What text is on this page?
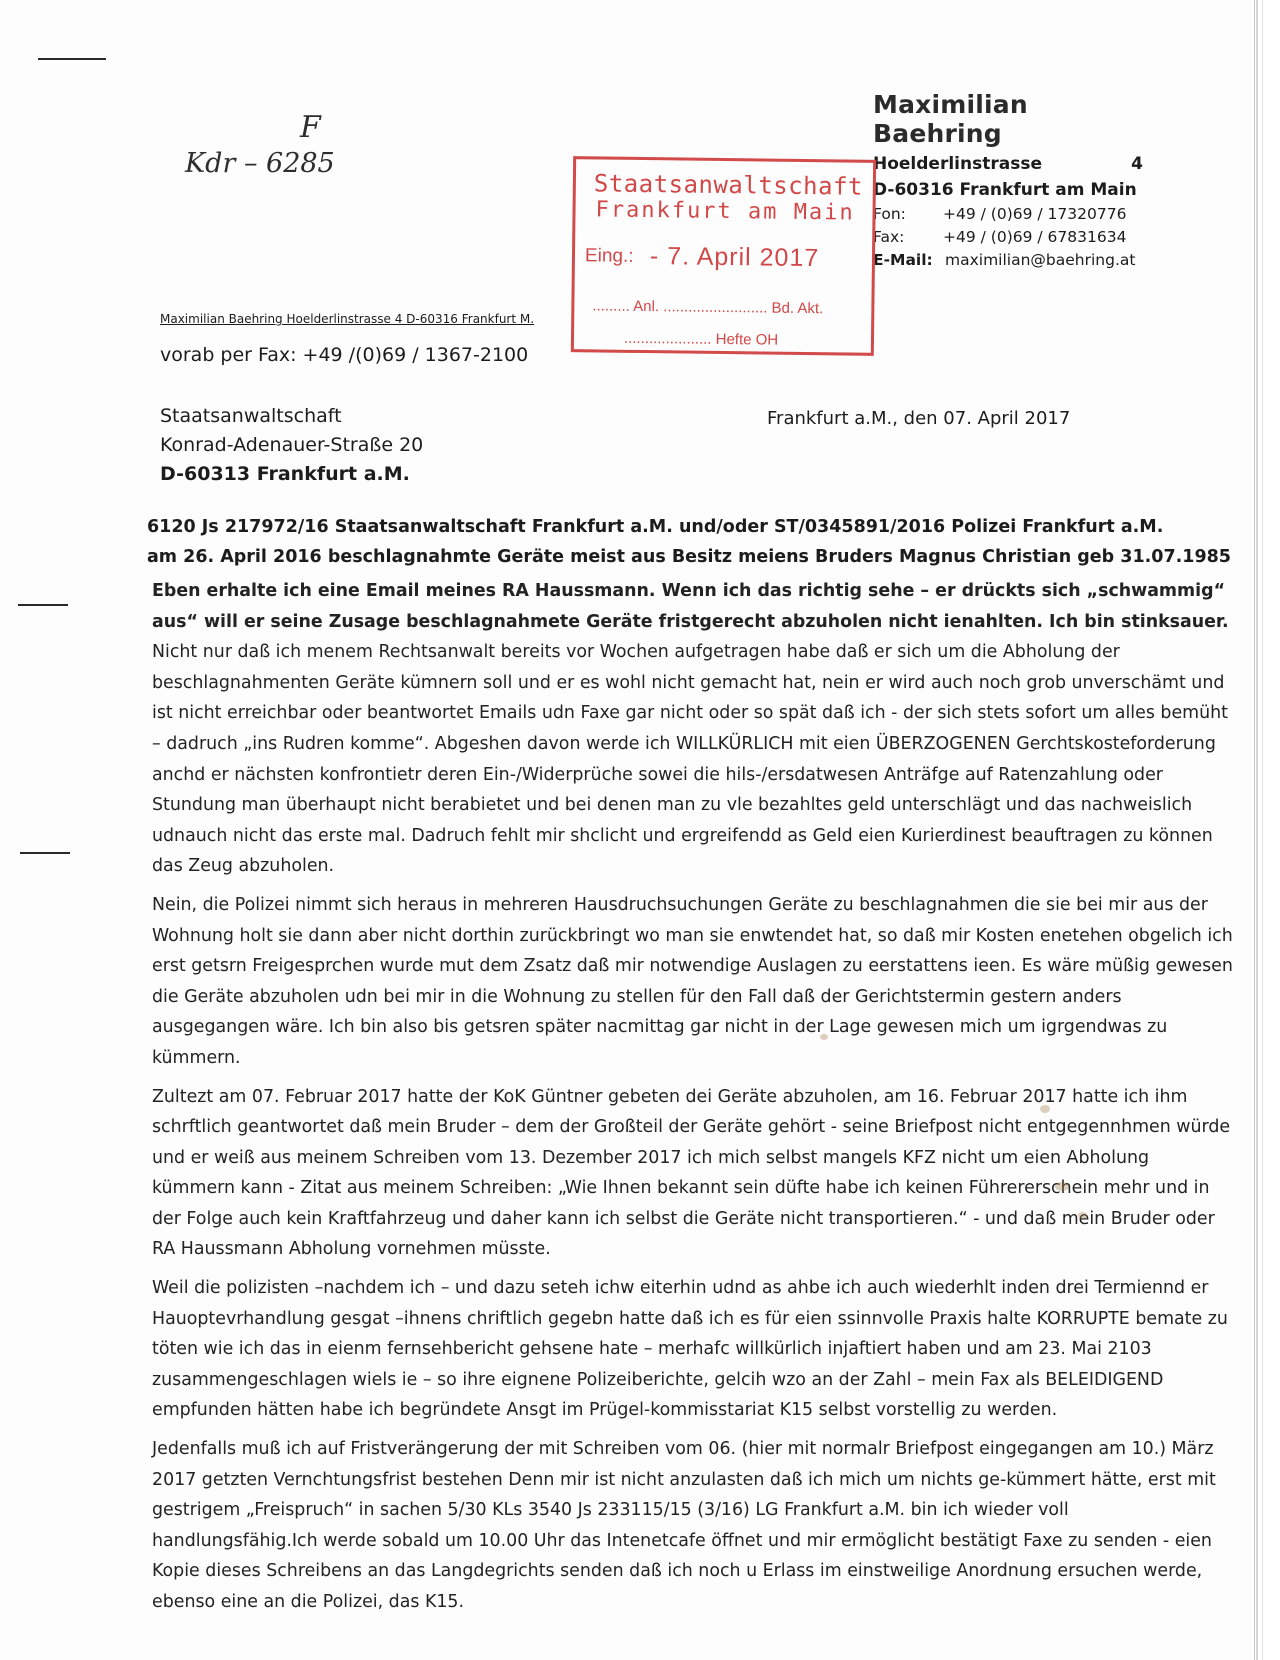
F
Kdr – 6285
Maximilian Baehring
Hoelderlinstrasse	4
D-60316 Frankfurt am Main
Fon:	+49 / (0)69 / 17320776
Fax:	+49 / (0)69 / 67831634
E-Mail: maximilian@baehring.at
Staatsanwaltschaft
Frankfurt am Main
Eing.: - 7. April 2017
......... Anl. ......................... Bd. Akt.
..................... Hefte OH
Maximilian Baehring Hoelderlinstrasse 4 D-60316 Frankfurt M.
vorab per Fax: +49 /(0)69 / 1367-2100
Staatsanwaltschaft
Konrad-Adenauer-Straße 20
D-60313 Frankfurt a.M.
Frankfurt a.M., den 07. April 2017
6120 Js 217972/16 Staatsanwaltschaft Frankfurt a.M. und/oder ST/0345891/2016 Polizei Frankfurt a.M.
am 26. April 2016 beschlagnahmte Geräte meist aus Besitz meiens Bruders Magnus Christian geb 31.07.1985

Eben erhalte ich eine Email meines RA Haussmann. Wenn ich das richtig sehe – er drückts sich „schwammig“ aus“ will er seine Zusage beschlagnahmete Geräte fristgerecht abzuholen nicht ienahlten. Ich bin stinksauer.

Nicht nur daß ich menem Rechtsanwalt bereits vor Wochen aufgetragen habe daß er sich um die Abholung der beschlagnahmenten Geräte kümnern soll und er es wohl nicht gemacht hat, nein er wird auch noch grob unverschämt und ist nicht erreichbar oder beantwortet Emails udn Faxe gar nicht oder so spät daß ich - der sich stets sofort um alles bemüht – dadruch „ins Rudren komme“. Abgeshen davon werde ich WILLKÜRLICH mit eien ÜBERZOGENEN Gerchtskosteforderung anchd er nächsten konfrontietr deren Ein-/Widerprüche sowei die hils-/ersdatwesen Anträfge auf Ratenzahlung oder Stundung man überhaupt nicht berabietet und bei denen man zu vle bezahltes geld unterschlägt und das nachweislich udnauch nicht das erste mal. Dadruch fehlt mir shclicht und ergreifendd as Geld eien Kurierdinest beauftragen zu können das Zeug abzuholen.

Nein, die Polizei nimmt sich heraus in mehreren Hausdruchsuchungen Geräte zu beschlagnahmen die sie bei mir aus der Wohnung holt sie dann aber nicht dorthin zurückbringt wo man sie enwtendet hat, so daß mir Kosten enetehen obgelich ich erst getsrn Freigesprchen wurde mut dem Zsatz daß mir notwendige Auslagen zu eerstattens ieen. Es wäre müßig gewesen die Geräte abzuholen udn bei mir in die Wohnung zu stellen für den Fall daß der Gerichtstermin gestern anders ausgegangen wäre. Ich bin also bis getsren später nacmittag gar nicht in der Lage gewesen mich um igrgendwas zu kümmern.

Zultezt am 07. Februar 2017 hatte der KoK Güntner gebeten dei Geräte abzuholen, am 16. Februar 2017 hatte ich ihm schrftlich geantwortet daß mein Bruder – dem der Großteil der Geräte gehört - seine Briefpost nicht entgegennhmen würde und er weiß aus meinem Schreiben vom 13. Dezember 2017 ich mich selbst mangels KFZ nicht um eien Abholung kümmern kann - Zitat aus meinem Schreiben: „Wie Ihnen bekannt sein düfte habe ich keinen Führererschein mehr und in der Folge auch kein Kraftfahrzeug und daher kann ich selbst die Geräte nicht transportieren.“ - und daß mein Bruder oder RA Haussmann Abholung vornehmen müsste.

Weil die polizisten –nachdem ich – und dazu seteh ichw eiterhin udnd as ahbe ich auch wiederhlt inden drei Termiennd er Hauoptevrhandlung gesgat –ihnens chriftlich gegebn hatte daß ich es für eien ssinnvolle Praxis halte KORRUPTE bemate zu töten wie ich das in eienm fernsehbericht gehsene hate – merhafc willkürlich injaftiert haben und am 23. Mai 2103 zusammengeschlagen wiels ie – so ihre eignene Polizeiberichte, gelcih wzo an der Zahl – mein Fax als BELEIDIGEND empfunden hätten habe ich begründete Ansgt im Prügel-kommisstariat K15 selbst vorstellig zu werden.

Jedenfalls muß ich auf Fristverängerung der mit Schreiben vom 06. (hier mit normalr Briefpost eingegangen am 10.) März 2017 getzten Vernchtungsfrist bestehen Denn mir ist nicht anzulasten daß ich mich um nichts ge-kümmert hätte, erst mit gestrigem „Freispruch“ in sachen 5/30 KLs 3540 Js 233115/15 (3/16) LG Frankfurt a.M. bin ich wieder voll handlungsfähig.Ich werde sobald um 10.00 Uhr das Intenetcafe öffnet und mir ermöglicht bestätigt Faxe zu senden - eien Kopie dieses Schreibens an das Langdegrichts senden daß ich noch u Erlass im einstweilige Anordnung ersuchen werde, ebenso eine an die Polizei, das K15.
